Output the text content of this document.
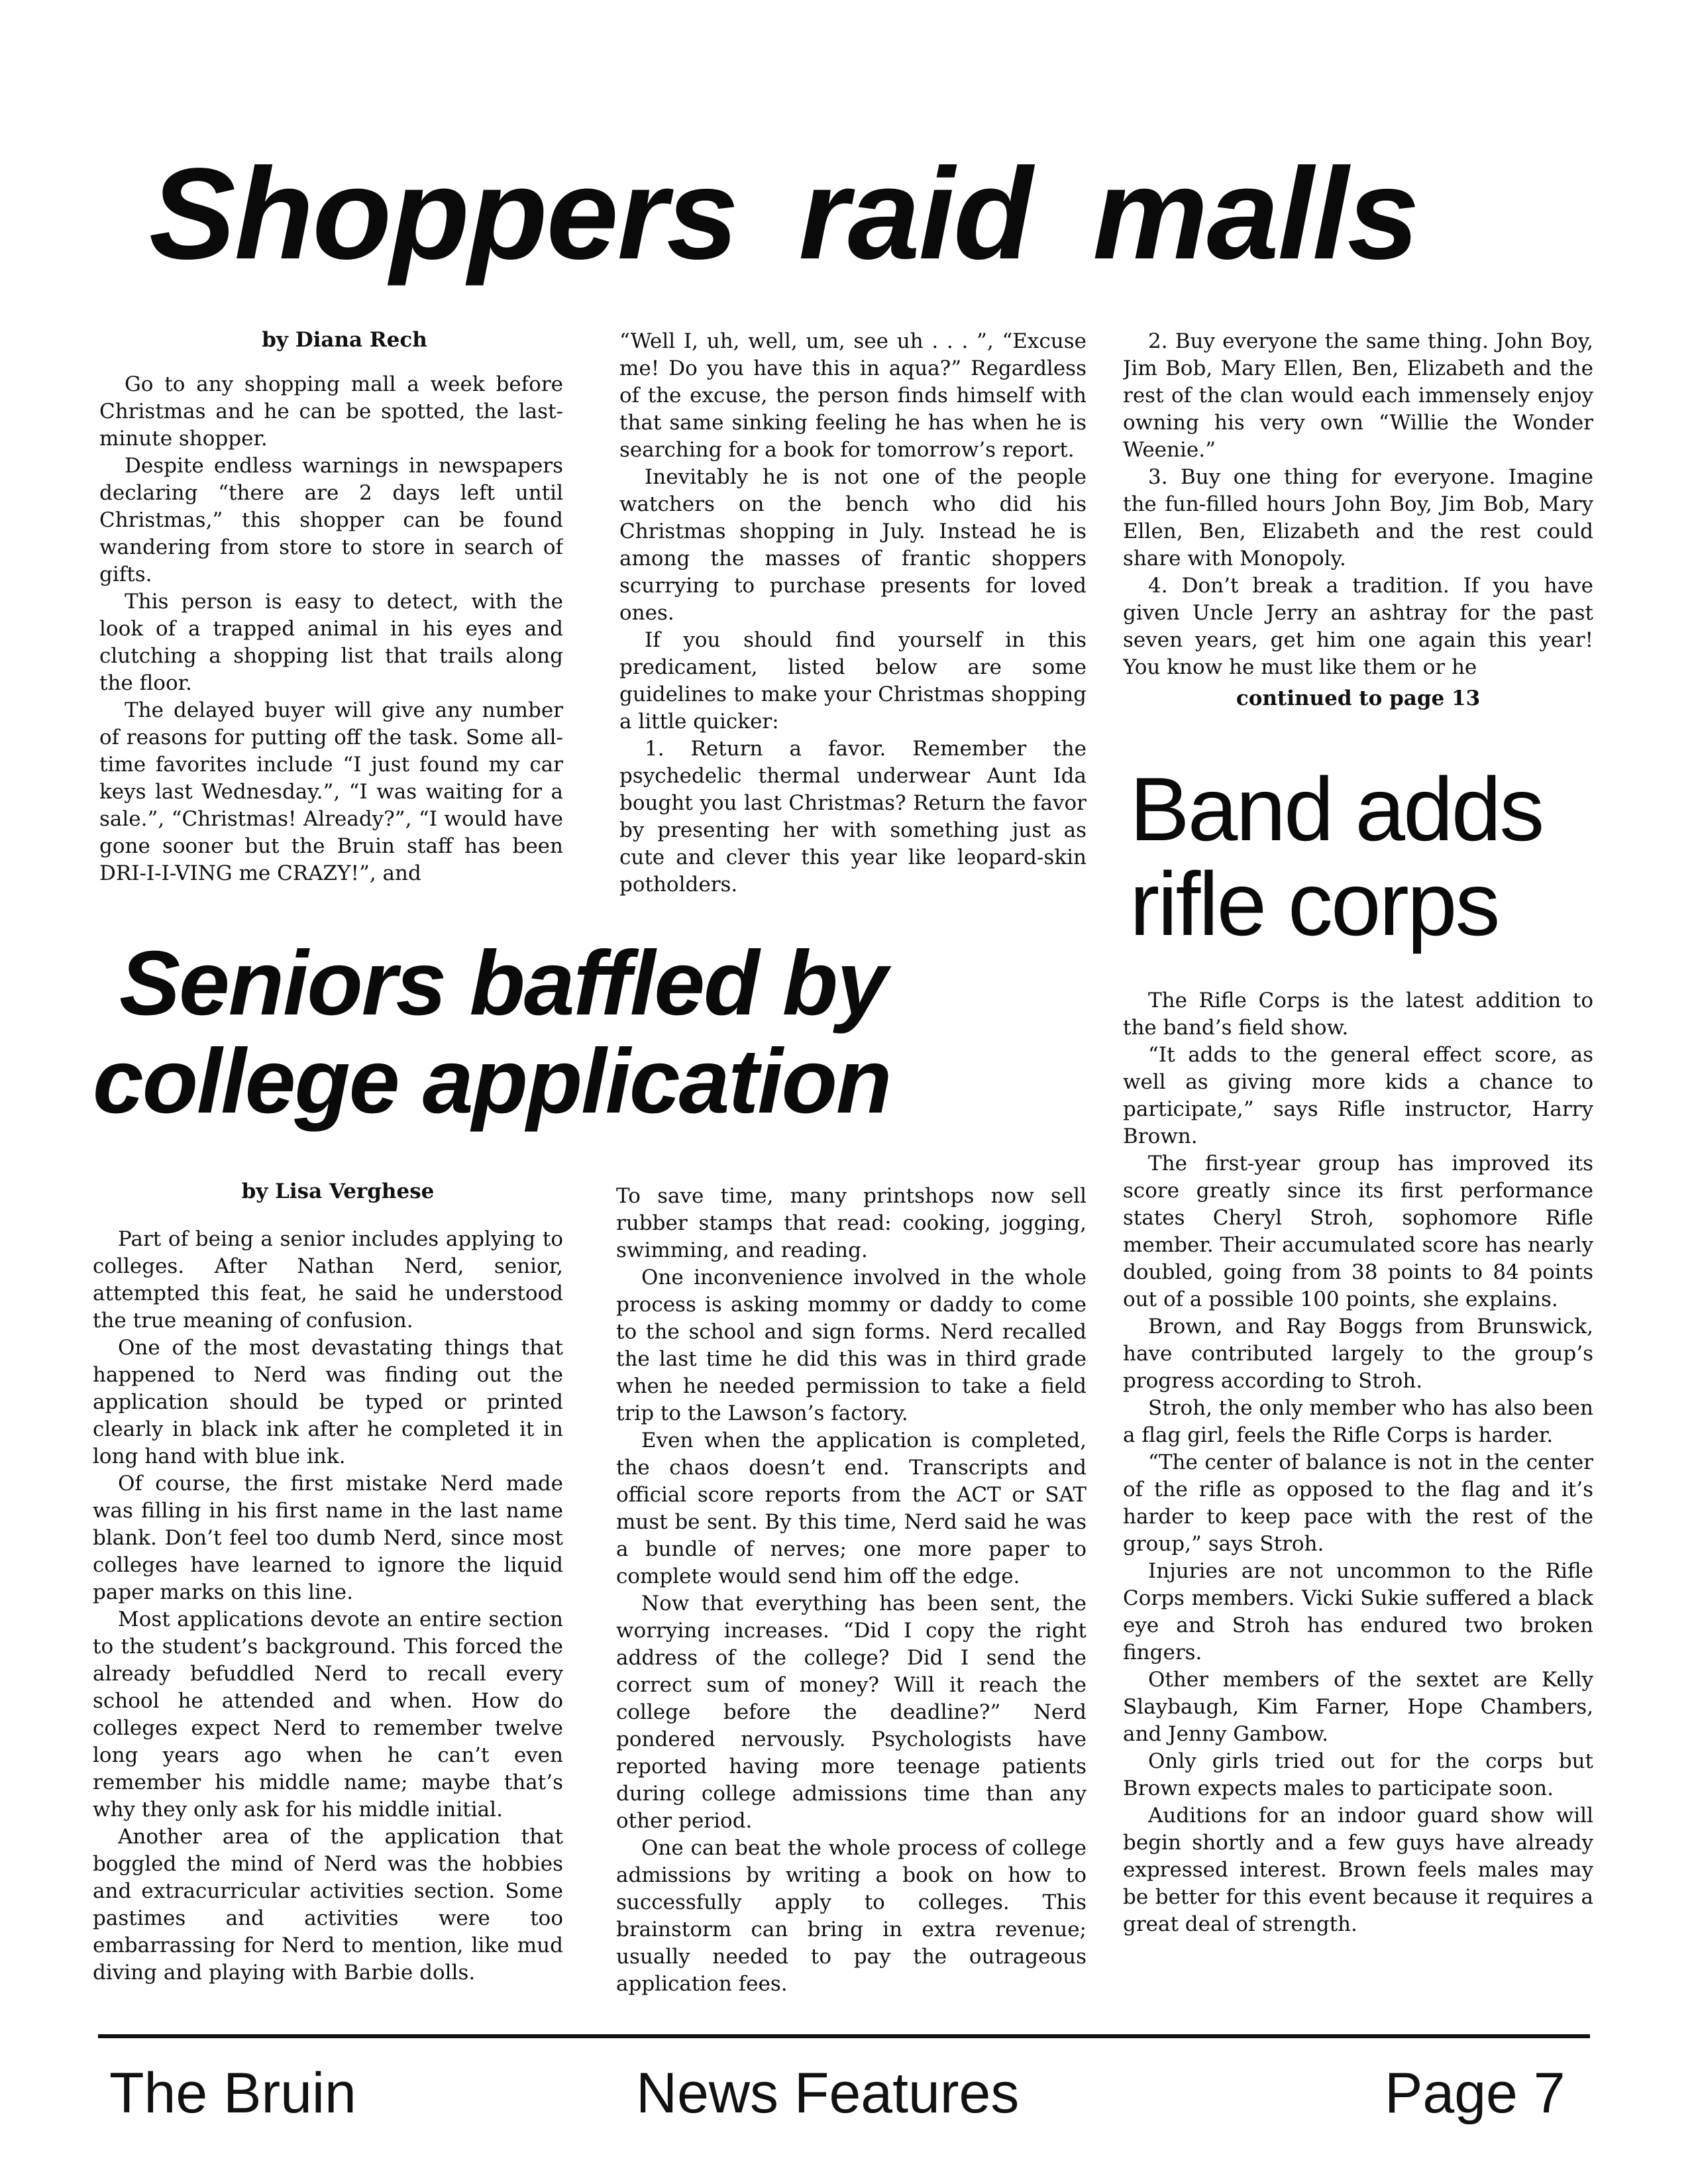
Shoppers raid malls
by Diana Rech

Go to any shopping mall a week before Christmas and he can be spotted, the last-minute shopper.

Despite endless warnings in newspapers declaring “there are 2 days left until Christmas,” this shopper can be found wandering from store to store in search of gifts.

This person is easy to detect, with the look of a trapped animal in his eyes and clutching a shopping list that trails along the floor.

The delayed buyer will give any number of reasons for putting off the task. Some all-time favorites include “I just found my car keys last Wednesday.”, “I was waiting for a sale.”, “Christmas! Already?”, “I would have gone sooner but the Bruin staff has been DRI-I-I-VING me CRAZY!”, and

“Well I, uh, well, um, see uh . . . ”, “Excuse me! Do you have this in aqua?” Regardless of the excuse, the person finds himself with that same sinking feeling he has when he is searching for a book for tomorrow’s report.

Inevitably he is not one of the people watchers on the bench who did his Christmas shopping in July. Instead he is among the masses of frantic shoppers scurrying to purchase presents for loved ones.

If you should find yourself in this predicament, listed below are some guidelines to make your Christmas shopping a little quicker:

1. Return a favor. Remember the psychedelic thermal underwear Aunt Ida bought you last Christmas? Return the favor by presenting her with something just as cute and clever this year like leopard-skin potholders.

2. Buy everyone the same thing. John Boy, Jim Bob, Mary Ellen, Ben, Elizabeth and the rest of the clan would each immensely enjoy owning his very own “Willie the Wonder Weenie.”

3. Buy one thing for everyone. Imagine the fun-filled hours John Boy, Jim Bob, Mary Ellen, Ben, Elizabeth and the rest could share with Monopoly.

4. Don’t break a tradition. If you have given Uncle Jerry an ashtray for the past seven years, get him one again this year! You know he must like them or he

continued to page 13

Band adds
rifle corps

The Rifle Corps is the latest addition to the band’s field show.

“It adds to the general effect score, as well as giving more kids a chance to participate,” says Rifle instructor, Harry Brown.

The first-year group has improved its score greatly since its first performance states Cheryl Stroh, sophomore Rifle member. Their accumulated score has nearly doubled, going from 38 points to 84 points out of a possible 100 points, she explains.

Brown, and Ray Boggs from Brunswick, have contributed largely to the group’s progress according to Stroh.

Stroh, the only member who has also been a flag girl, feels the Rifle Corps is harder.

“The center of balance is not in the center of the rifle as opposed to the flag and it’s harder to keep pace with the rest of the group,” says Stroh.

Injuries are not uncommon to the Rifle Corps members. Vicki Sukie suffered a black eye and Stroh has endured two broken fingers.

Other members of the sextet are Kelly Slaybaugh, Kim Farner, Hope Chambers, and Jenny Gambow.

Only girls tried out for the corps but Brown expects males to participate soon.

Auditions for an indoor guard show will begin shortly and a few guys have already expressed interest. Brown feels males may be better for this event because it requires a great deal of strength.

Seniors baffled by
college application
by Lisa Verghese

Part of being a senior includes applying to colleges. After Nathan Nerd, senior, attempted this feat, he said he understood the true meaning of confusion.

One of the most devastating things that happened to Nerd was finding out the application should be typed or printed clearly in black ink after he completed it in long hand with blue ink.

Of course, the first mistake Nerd made was filling in his first name in the last name blank. Don’t feel too dumb Nerd, since most colleges have learned to ignore the liquid paper marks on this line.

Most applications devote an entire section to the student’s background. This forced the already befuddled Nerd to recall every school he attended and when. How do colleges expect Nerd to remember twelve long years ago when he can’t even remember his middle name; maybe that’s why they only ask for his middle initial.

Another area of the application that boggled the mind of Nerd was the hobbies and extracurricular activities section. Some pastimes and activities were too embarrassing for Nerd to mention, like mud diving and playing with Barbie dolls.

To save time, many printshops now sell rubber stamps that read: cooking, jogging, swimming, and reading.

One inconvenience involved in the whole process is asking mommy or daddy to come to the school and sign forms. Nerd recalled the last time he did this was in third grade when he needed permission to take a field trip to the Lawson’s factory.

Even when the application is completed, the chaos doesn’t end. Transcripts and official score reports from the ACT or SAT must be sent. By this time, Nerd said he was a bundle of nerves; one more paper to complete would send him off the edge.

Now that everything has been sent, the worrying increases. “Did I copy the right address of the college? Did I send the correct sum of money? Will it reach the college before the deadline?” Nerd pondered nervously. Psychologists have reported having more teenage patients during college admissions time than any other period.

One can beat the whole process of college admissions by writing a book on how to successfully apply to colleges. This brainstorm can bring in extra revenue; usually needed to pay the outrageous application fees.

The Bruin	News Features	Page 7
